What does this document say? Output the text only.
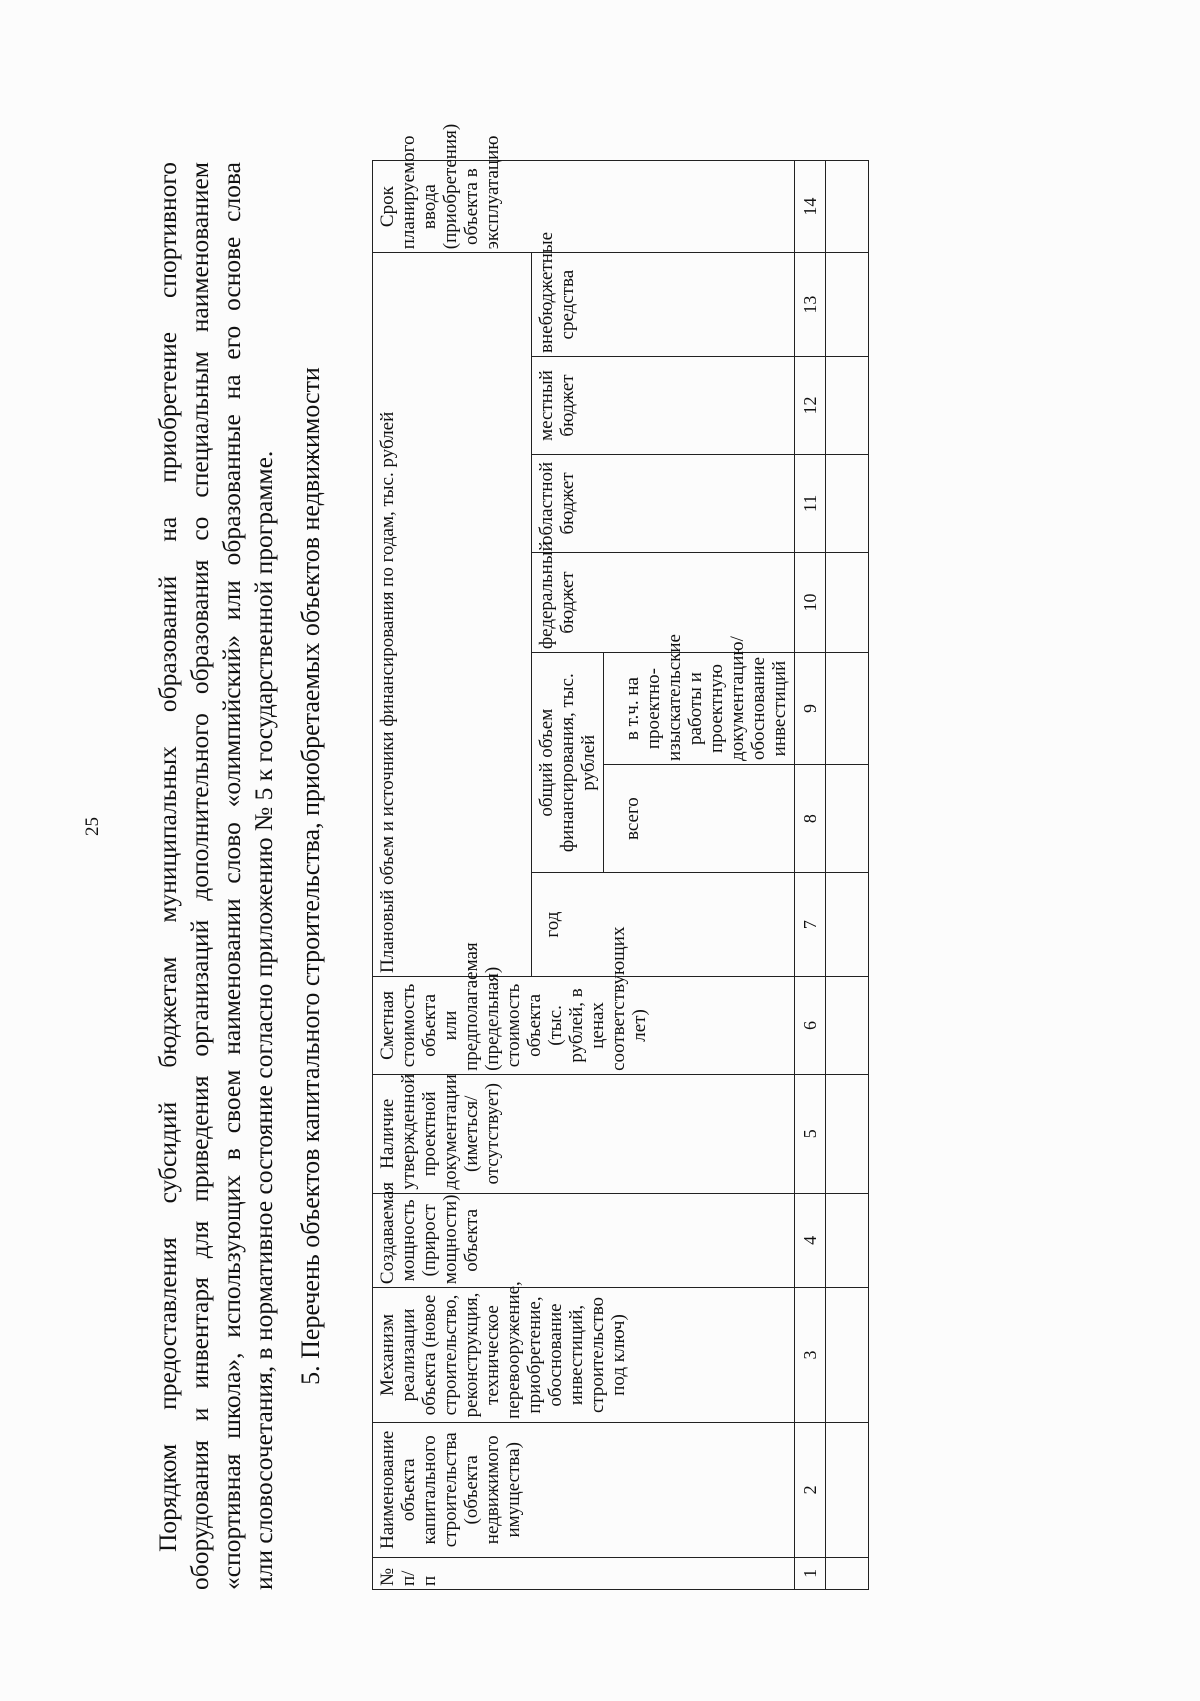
25 Порядком предоставления субсидий бюджетам муниципальных образований на приобретение спортивного оборудования и инвентаря для приведения организаций дополнительного образования со специальным наименованием «спортивная школа», использующих в своем наименовании слово «олимпийский» или образованные на его основе слова или словосочетания, в нормативное состояние согласно приложению № 5 к государственной программе. 5. Перечень объектов капитального строительства, приобретаемых объектов недвижимости
№ п/п	Наименование объекта капитального строительства (объекта недвижимого имущества)	Механизм реализации объекта (новое строительство, реконструкция, техническое перевооружение, приобретение, обоснование инвестиций, строительство под ключ)	Создаваемая мощность (прирост мощности) объекта	Наличие утвержденной проектной документации (иметься/отсутствует)	Сметная стоимость объекта или предполагаемая (предельная) стоимость объекта (тыс. рублей, в ценах соответствующих лет)	Плановый объем и источники финансирования по годам, тыс. рублей							Срок планируемого ввода (приобретения) объекта в эксплуатацию
						год	общий объем финансирования, тыс. рублей		федеральный бюджет	областной бюджет	местный бюджет	внебюджетные средства	
							всего	в т.ч. на проектно-изыскательские работы и проектную документацию/обоснование инвестиций					
1	2	3	4	5	6	7	8	9	10	11	12	13	14
